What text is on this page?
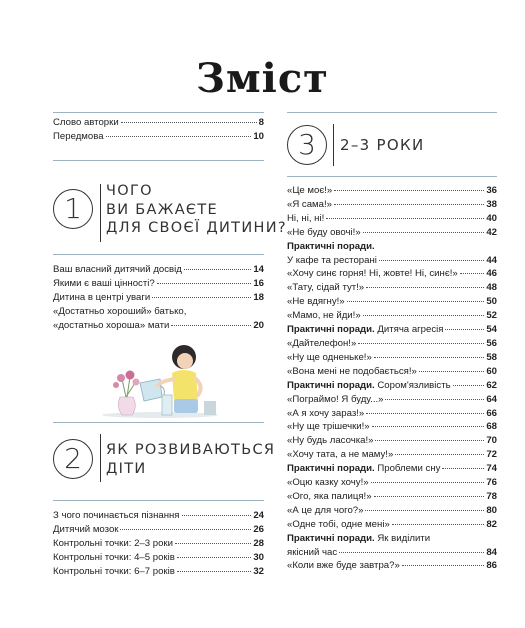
Зміст
Слово авторки	8
Передмова	10
1
ЧОГО
ВИ БАЖАЄТЕ
ДЛЯ СВОЄЇ ДИТИНИ?
Ваш власний дитячий досвід	14
Якими є ваші цінності?	16
Дитина в центрі уваги	18
«Достатньо хороший» батько,
«достатньо хороша» мати	20
2	ЯК РОЗВИВАЮТЬСЯ
ДІТИ
З чого починається пізнання	24
Дитячий мозок	26
Контрольні точки: 2–3 роки	28
Контрольні точки: 4–5 років	30
Контрольні точки: 6–7 років	32
3	2–3 РОКИ
«Це моє!»	36
«Я сама!»	38
Ні, ні, ні!	40
«Не буду овочі!»	42
Практичні поради.
У кафе та ресторані	44
«Хочу синє горня! Ні, жовте! Ні, синє!»	46
«Тату, сідай тут!»	48
«Не вдягну!»	50
«Мамо, не йди!»	52
Практичні поради. Дитяча агресія	54
«Дайтелефон!»	56
«Ну ще одненьке!»	58
«Вона мені не подобається!»	60
Практичні поради. Сором'язливість	62
«Пограймо! Я буду...»	64
«А я хочу зараз!»	66
«Ну ще трішечки!»	68
«Ну будь ласочка!»	70
«Хочу тата, а не маму!»	72
Практичні поради. Проблеми сну	74
«Оцю казку хочу!»	76
«Ого, яка палиця!»	78
«А це для чого?»	80
«Одне тобі, одне мені»	82
Практичні поради. Як виділити
якісний час	84
«Коли вже буде завтра?»	86
